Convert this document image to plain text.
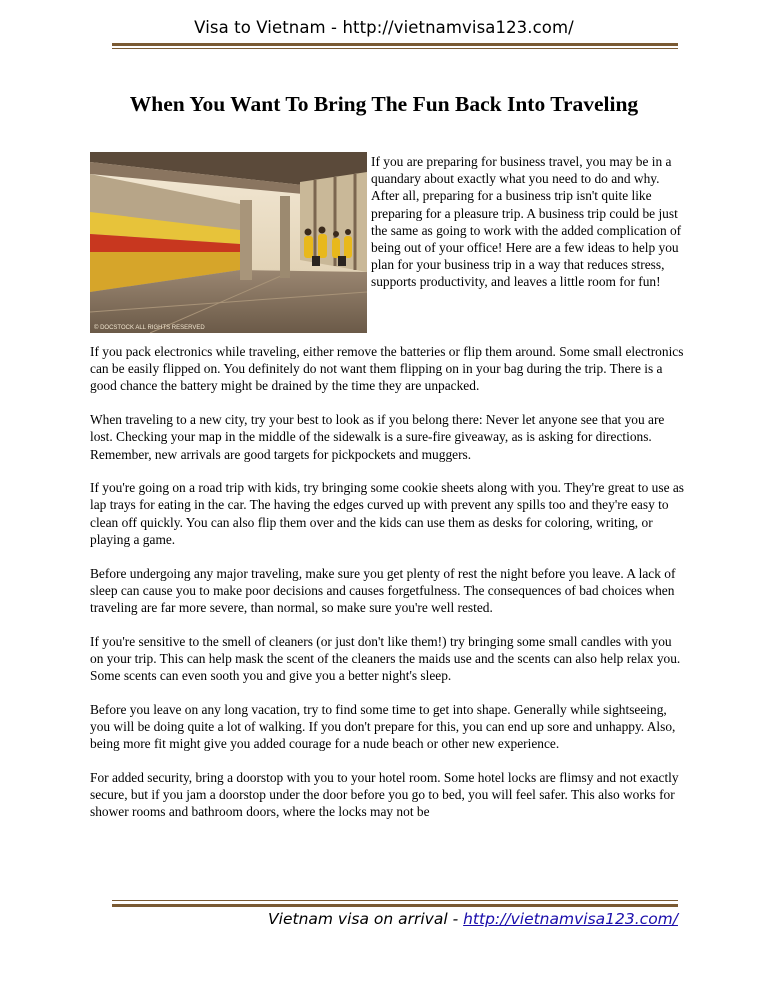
Visa to Vietnam - http://vietnamvisa123.com/
When You Want To Bring The Fun Back Into Traveling
© DOCSTOCK ALL RIGHTS RESERVED
If you are preparing for business travel, you may be in a quandary about exactly what you need to do and why. After all, preparing for a business trip isn't quite like preparing for a pleasure trip. A business trip could be just the same as going to work with the added complication of being out of your office! Here are a few ideas to help you plan for your business trip in a way that reduces stress, supports productivity, and leaves a little room for fun!

If you pack electronics while traveling, either remove the batteries or flip them around. Some small electronics can be easily flipped on. You definitely do not want them flipping on in your bag during the trip. There is a good chance the battery might be drained by the time they are unpacked.

When traveling to a new city, try your best to look as if you belong there: Never let anyone see that you are lost. Checking your map in the middle of the sidewalk is a sure-fire giveaway, as is asking for directions. Remember, new arrivals are good targets for pickpockets and muggers.

If you're going on a road trip with kids, try bringing some cookie sheets along with you. They're great to use as lap trays for eating in the car. The having the edges curved up with prevent any spills too and they're easy to clean off quickly. You can also flip them over and the kids can use them as desks for coloring, writing, or playing a game.

Before undergoing any major traveling, make sure you get plenty of rest the night before you leave. A lack of sleep can cause you to make poor decisions and causes forgetfulness. The consequences of bad choices when traveling are far more severe, than normal, so make sure you're well rested.

If you're sensitive to the smell of cleaners (or just don't like them!) try bringing some small candles with you on your trip. This can help mask the scent of the cleaners the maids use and the scents can also help relax you. Some scents can even sooth you and give you a better night's sleep.

Before you leave on any long vacation, try to find some time to get into shape. Generally while sightseeing, you will be doing quite a lot of walking. If you don't prepare for this, you can end up sore and unhappy. Also, being more fit might give you added courage for a nude beach or other new experience.

For added security, bring a doorstop with you to your hotel room. Some hotel locks are flimsy and not exactly secure, but if you jam a doorstop under the door before you go to bed, you will feel safer. This also works for shower rooms and bathroom doors, where the locks may not be

Vietnam visa on arrival - http://vietnamvisa123.com/
